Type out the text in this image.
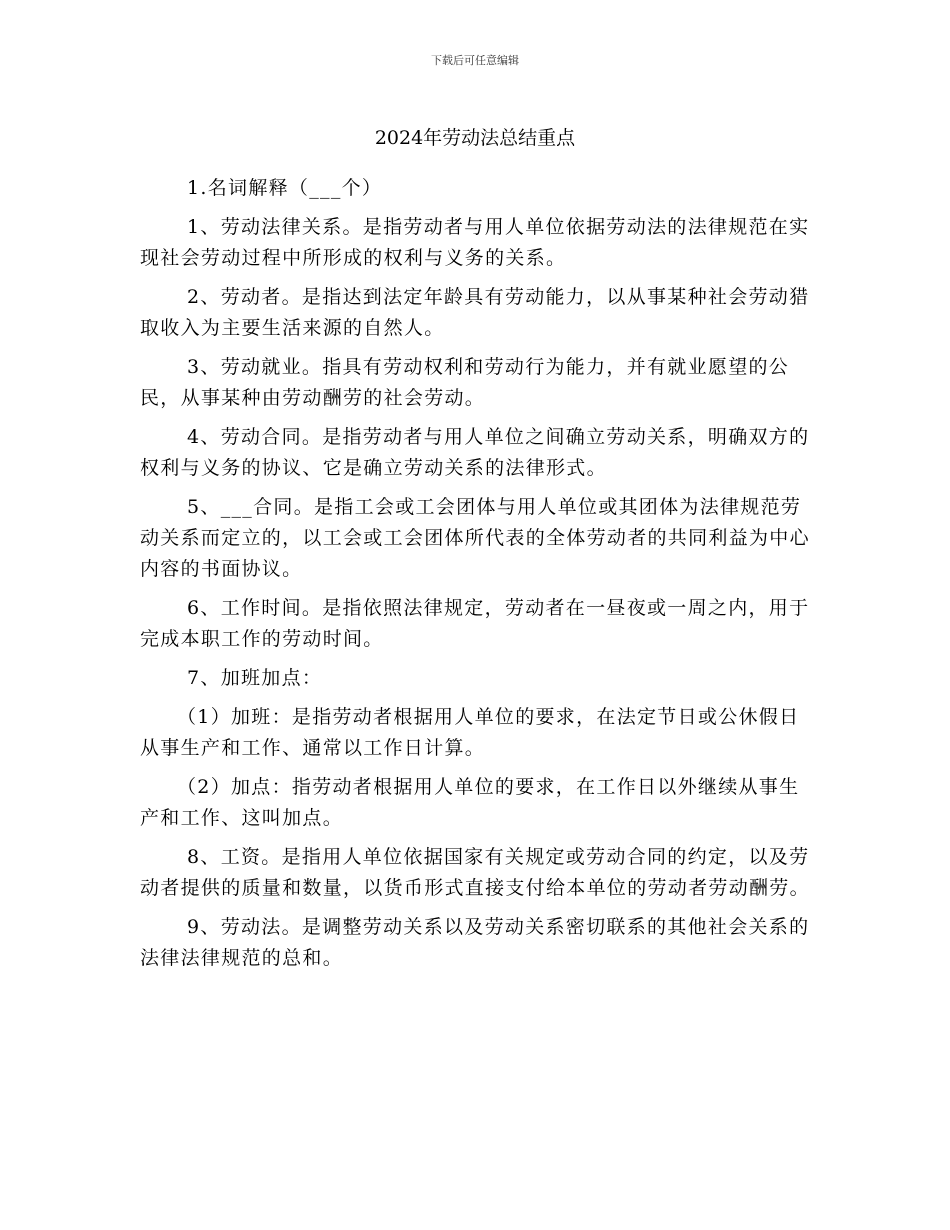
下载后可任意编辑
2024年劳动法总结重点

1.名词解释（___个）

1、劳动法律关系。是指劳动者与用人单位依据劳动法的法律规范在实现社会劳动过程中所形成的权利与义务的关系。

2、劳动者。是指达到法定年龄具有劳动能力，以从事某种社会劳动猎取收入为主要生活来源的自然人。

3、劳动就业。指具有劳动权利和劳动行为能力，并有就业愿望的公民，从事某种由劳动酬劳的社会劳动。

4、劳动合同。是指劳动者与用人单位之间确立劳动关系，明确双方的权利与义务的协议、它是确立劳动关系的法律形式。

5、___合同。是指工会或工会团体与用人单位或其团体为法律规范劳动关系而定立的，以工会或工会团体所代表的全体劳动者的共同利益为中心内容的书面协议。

6、工作时间。是指依照法律规定，劳动者在一昼夜或一周之内，用于完成本职工作的劳动时间。

7、加班加点：

（1）加班：是指劳动者根据用人单位的要求，在法定节日或公休假日从事生产和工作、通常以工作日计算。

（2）加点：指劳动者根据用人单位的要求，在工作日以外继续从事生产和工作、这叫加点。

8、工资。是指用人单位依据国家有关规定或劳动合同的约定，以及劳动者提供的质量和数量，以货币形式直接支付给本单位的劳动者劳动酬劳。

9、劳动法。是调整劳动关系以及劳动关系密切联系的其他社会关系的法律法律规范的总和。
